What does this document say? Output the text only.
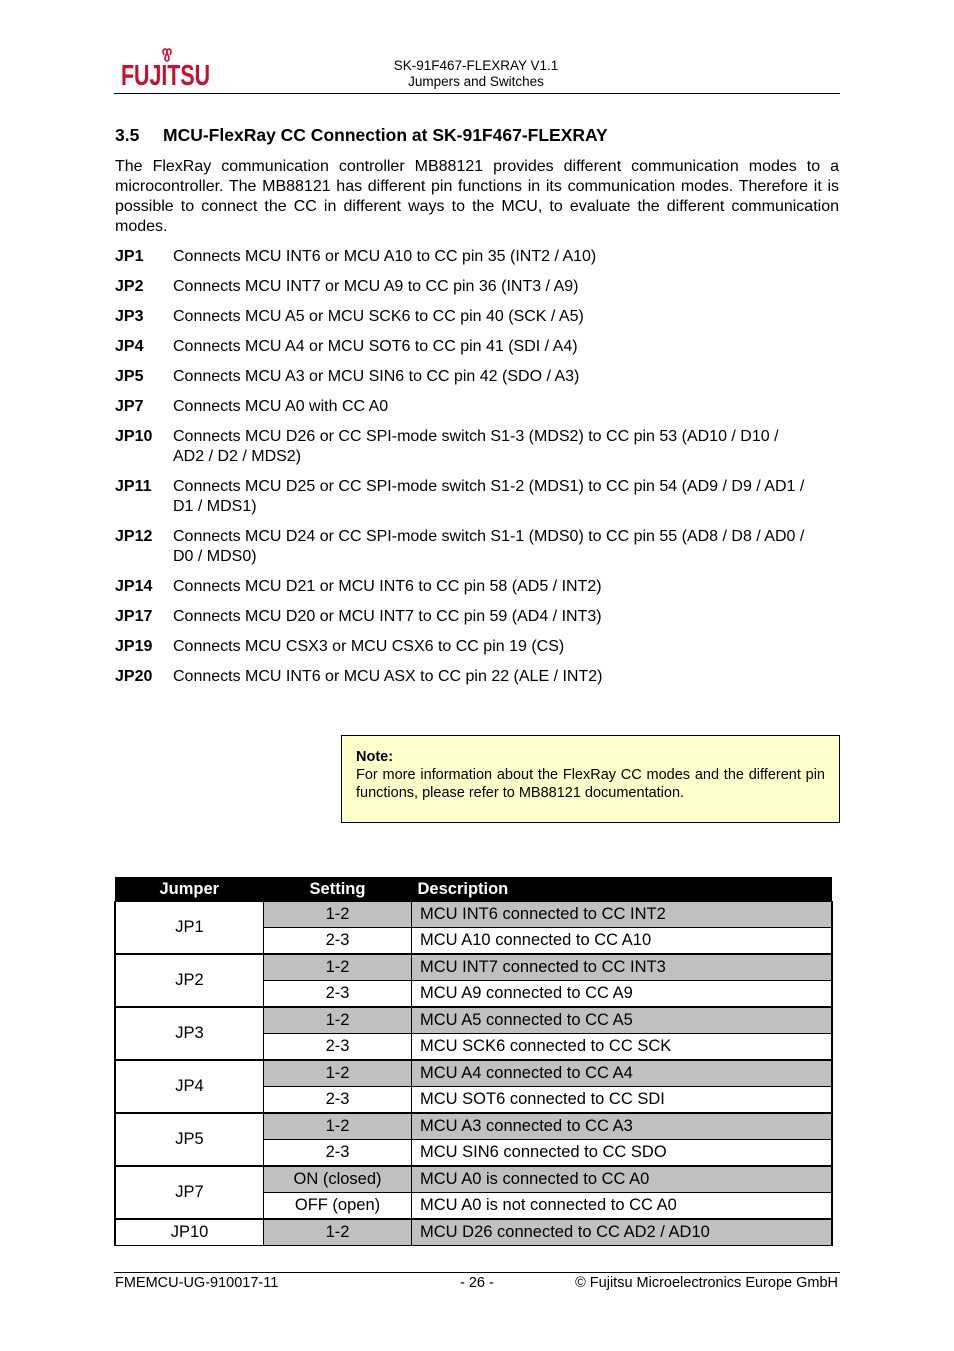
FUJITSU	SK-91F467-FLEXRAY V1.1
Jumpers and Switches
3.5 MCU-FlexRay CC Connection at SK-91F467-FLEXRAY
The FlexRay communication controller MB88121 provides different communication modes to a microcontroller. The MB88121 has different pin functions in its communication modes. Therefore it is possible to connect the CC in different ways to the MCU, to evaluate the different communication modes.
JP1 Connects MCU INT6 or MCU A10 to CC pin 35 (INT2 / A10)
JP2 Connects MCU INT7 or MCU A9 to CC pin 36 (INT3 / A9)
JP3 Connects MCU A5 or MCU SCK6 to CC pin 40 (SCK / A5)
JP4 Connects MCU A4 or MCU SOT6 to CC pin 41 (SDI / A4)
JP5 Connects MCU A3 or MCU SIN6 to CC pin 42 (SDO / A3)
JP7 Connects MCU A0 with CC A0
JP10 Connects MCU D26 or CC SPI-mode switch S1-3 (MDS2) to CC pin 53 (AD10 / D10 / AD2 / D2 / MDS2)
JP11 Connects MCU D25 or CC SPI-mode switch S1-2 (MDS1) to CC pin 54 (AD9 / D9 / AD1 / D1 / MDS1)
JP12 Connects MCU D24 or CC SPI-mode switch S1-1 (MDS0) to CC pin 55 (AD8 / D8 / AD0 / D0 / MDS0)
JP14 Connects MCU D21 or MCU INT6 to CC pin 58 (AD5 / INT2)
JP17 Connects MCU D20 or MCU INT7 to CC pin 59 (AD4 / INT3)
JP19 Connects MCU CSX3 or MCU CSX6 to CC pin 19 (CS)
JP20 Connects MCU INT6 or MCU ASX to CC pin 22 (ALE / INT2)
Note:
For more information about the FlexRay CC modes and the different pin functions, please refer to MB88121 documentation.
Jumper	Setting	Description
JP1	1-2	MCU INT6 connected to CC INT2
	2-3	MCU A10 connected to CC A10
JP2	1-2	MCU INT7 connected to CC INT3
	2-3	MCU A9 connected to CC A9
JP3	1-2	MCU A5 connected to CC A5
	2-3	MCU SCK6 connected to CC SCK
JP4	1-2	MCU A4 connected to CC A4
	2-3	MCU SOT6 connected to CC SDI
JP5	1-2	MCU A3 connected to CC A3
	2-3	MCU SIN6 connected to CC SDO
JP7	ON (closed)	MCU A0 is connected to CC A0
	OFF (open)	MCU A0 is not connected to CC A0
JP10	1-2	MCU D26 connected to CC AD2 / AD10
FMEMCU-UG-910017-11	- 26 -	© Fujitsu Microelectronics Europe GmbH
